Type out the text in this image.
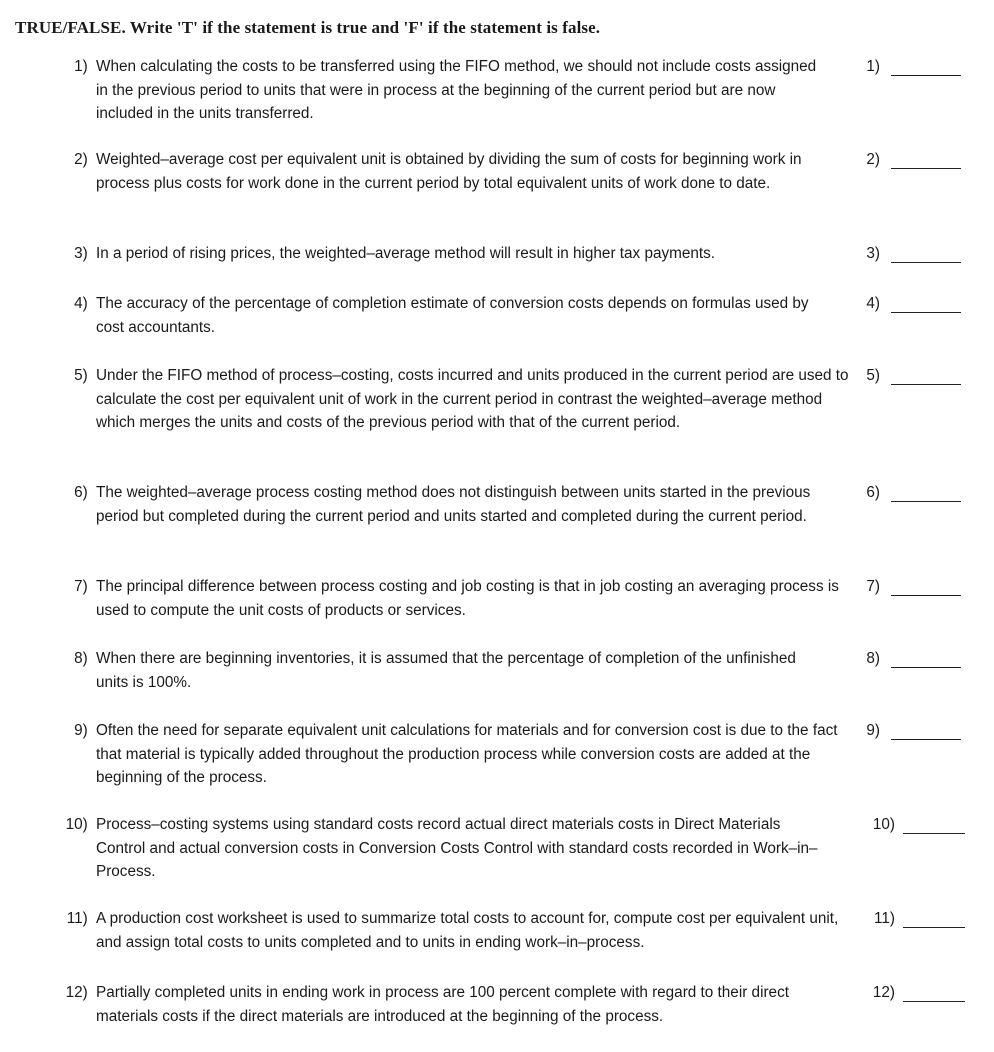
TRUE/FALSE. Write 'T' if the statement is true and 'F' if the statement is false.
1) When calculating the costs to be transferred using the FIFO method, we should not include costs assigned in the previous period to units that were in process at the beginning of the current period but are now included in the units transferred.
1)
2) Weighted–average cost per equivalent unit is obtained by dividing the sum of costs for beginning work in process plus costs for work done in the current period by total equivalent units of work done to date.
2)
3) In a period of rising prices, the weighted–average method will result in higher tax payments.	3)
4) The accuracy of the percentage of completion estimate of conversion costs depends on formulas used by cost accountants.
4)
5) Under the FIFO method of process–costing, costs incurred and units produced in the current period are used to calculate the cost per equivalent unit of work in the current period in contrast the weighted–average method which merges the units and costs of the previous period with that of the current period.
5)
6) The weighted–average process costing method does not distinguish between units started in the previous period but completed during the current period and units started and completed during the current period.
6)
7) The principal difference between process costing and job costing is that in job costing an averaging process is used to compute the unit costs of products or services.
7)
8) When there are beginning inventories, it is assumed that the percentage of completion of the unfinished units is 100%.
8)
9) Often the need for separate equivalent unit calculations for materials and for conversion cost is due to the fact that material is typically added throughout the production process while conversion costs are added at the beginning of the process.
9)
10) Process–costing systems using standard costs record actual direct materials costs in Direct Materials Control and actual conversion costs in Conversion Costs Control with standard costs recorded in Work–in–Process.
10)
11) A production cost worksheet is used to summarize total costs to account for, compute cost per equivalent unit, and assign total costs to units completed and to units in ending work–in–process.
11)
12) Partially completed units in ending work in process are 100 percent complete with regard to their direct materials costs if the direct materials are introduced at the beginning of the process.
12)
